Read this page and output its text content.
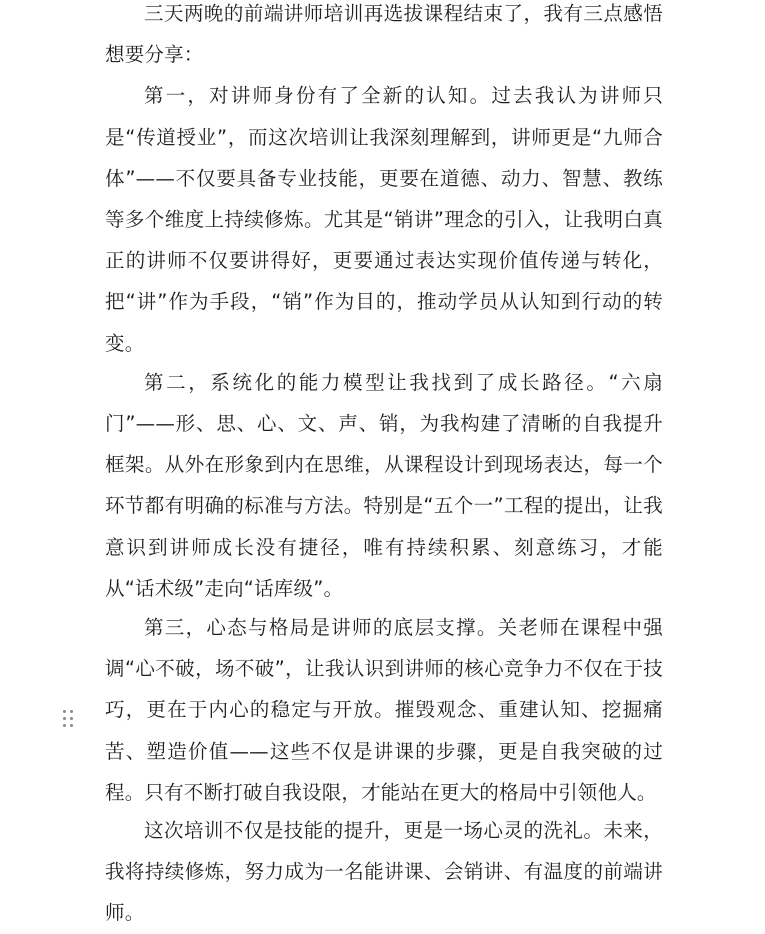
三天两晚的前端讲师培训再选拔课程结束了，我有三点感悟想要分享：

第一，对讲师身份有了全新的认知。过去我认为讲师只是“传道授业”，而这次培训让我深刻理解到，讲师更是“九师合体”——不仅要具备专业技能，更要在道德、动力、智慧、教练等多个维度上持续修炼。尤其是“销讲”理念的引入，让我明白真正的讲师不仅要讲得好，更要通过表达实现价值传递与转化，把“讲”作为手段，“销”作为目的，推动学员从认知到行动的转变。

第二，系统化的能力模型让我找到了成长路径。“六扇门”——形、思、心、文、声、销，为我构建了清晰的自我提升框架。从外在形象到内在思维，从课程设计到现场表达，每一个环节都有明确的标准与方法。特别是“五个一”工程的提出，让我意识到讲师成长没有捷径，唯有持续积累、刻意练习，才能从“话术级”走向“话库级”。

第三，心态与格局是讲师的底层支撑。关老师在课程中强调“心不破，场不破”，让我认识到讲师的核心竞争力不仅在于技巧，更在于内心的稳定与开放。摧毁观念、重建认知、挖掘痛苦、塑造价值——这些不仅是讲课的步骤，更是自我突破的过程。只有不断打破自我设限，才能站在更大的格局中引领他人。

这次培训不仅是技能的提升，更是一场心灵的洗礼。未来，我将持续修炼，努力成为一名能讲课、会销讲、有温度的前端讲师。
